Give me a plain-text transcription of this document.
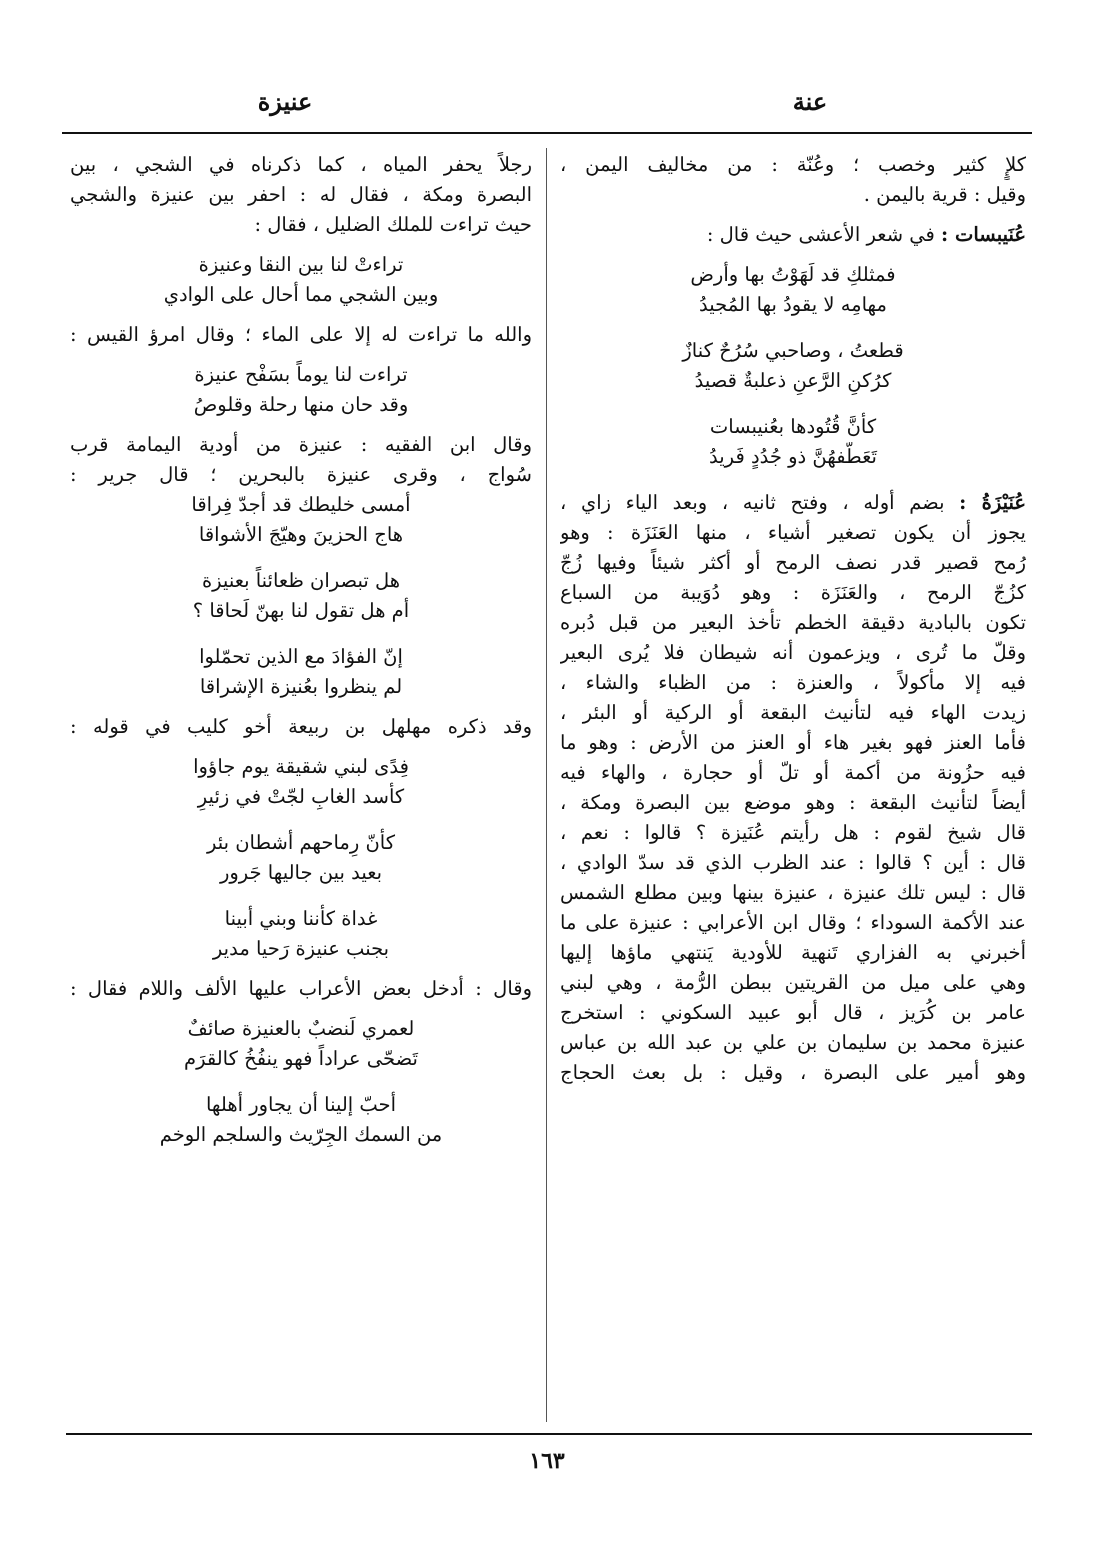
عنة
عنيزة
كلإٍ كثير وخصب ؛ وعُنّة : من مخاليف اليمن ،
وقيل : قرية باليمن .
عُنَيبسات : في شعر الأعشى حيث قال :
فمثلكِ قد لَهَوْتُ بها وأرض
مهامِه لا يقودُ بها المُجيدُ
قطعتُ ، وصاحبي سُرُحٌ كنازٌ
كرُكنِ الرَّعنِ ذعلبةٌ قصيدُ
كأنَّ قُتُودها بعُنيبسات
تَعَطَّفهُنَّ ذو جُدُدٍ فَريدُ
عُنَيْزَةُ : بضم أوله ، وفتح ثانيه ، وبعد الياء زاي ،
يجوز أن يكون تصغير أشياء ، منها العَنَزَة : وهو
رُمح قصير قدر نصف الرمح أو أكثر شيئاً وفيها زُجّ
كزُجّ الرمح ، والعَنَزَة : وهو دُوَيبة من السباع
تكون بالبادية دقيقة الخطم تأخذ البعير من قبل دُبره
وقلّ ما تُرى ، ويزعمون أنه شيطان فلا يُرى البعير
فيه إلا مأكولاً ، والعنزة : من الظباء والشاء ،
زيدت الهاء فيه لتأنيث البقعة أو الركية أو البئر ،
فأما العنز فهو بغير هاء أو العنز من الأرض : وهو ما
فيه حزُونة من أكمة أو تلّ أو حجارة ، والهاء فيه
أيضاً لتأنيث البقعة : وهو موضع بين البصرة ومكة ،
قال شيخ لقوم : هل رأيتم عُنَيزة ؟ قالوا : نعم ،
قال : أين ؟ قالوا : عند الظرب الذي قد سدّ الوادي ،
قال : ليس تلك عنيزة ، عنيزة بينها وبين مطلع الشمس
عند الأكمة السوداء ؛ وقال ابن الأعرابي : عنيزة على ما
أخبرني به الفزاري تَنهية للأودية يَنتهي ماؤها إليها
وهي على ميل من القريتين ببطن الرُّمة ، وهي لبني
عامر بن كُرَيز ، قال أبو عبيد السكوني : استخرج
عنيزة محمد بن سليمان بن علي بن عبد الله بن عباس
وهو أمير على البصرة ، وقيل : بل بعث الحجاج
رجلاً يحفر المياه ، كما ذكرناه في الشجي ، بين
البصرة ومكة ، فقال له : احفر بين عنيزة والشجي
حيث تراءت للملك الضليل ، فقال :
تراءتْ لنا بين النقا وعنيزة
وبين الشجي مما أحال على الوادي
والله ما تراءت له إلا على الماء ؛ وقال امرؤ القيس :
تراءت لنا يوماً بسَفْح عنيزة
وقد حان منها رحلة وقلوصُ
وقال ابن الفقيه : عنيزة من أودية اليمامة قرب
سُواج ، وقرى عنيزة بالبحرين ؛ قال جرير :
أمسى خليطك قد أجدّ فِراقا
هاج الحزينَ وهيّجَ الأشواقا
هل تبصران ظعائناً بعنيزة
أم هل تقول لنا بهنّ لَحاقا ؟
إنّ الفؤادَ مع الذين تحمّلوا
لم ينظروا بعُنيزة الإشراقا
وقد ذكره مهلهل بن ربيعة أخو كليب في قوله :
فِدًى لبني شقيقة يوم جاؤوا
كأسد الغابِ لجّتْ في زئيرِ
كأنّ رِماحهم أشطان بئر
بعيد بين جاليها جَرور
غداة كأننا وبني أبينا
بجنب عنيزة رَحيا مدير
وقال : أدخل بعض الأعراب عليها الألف واللام فقال :
لعمري لَنضبٌ بالعنيزة صائفٌ
تَضحّى عراداً فهو ينفُخُ كالقرَم
أحبّ إلينا أن يجاور أهلها
من السمك الجِرّيث والسلجم الوخم
١٦٣
